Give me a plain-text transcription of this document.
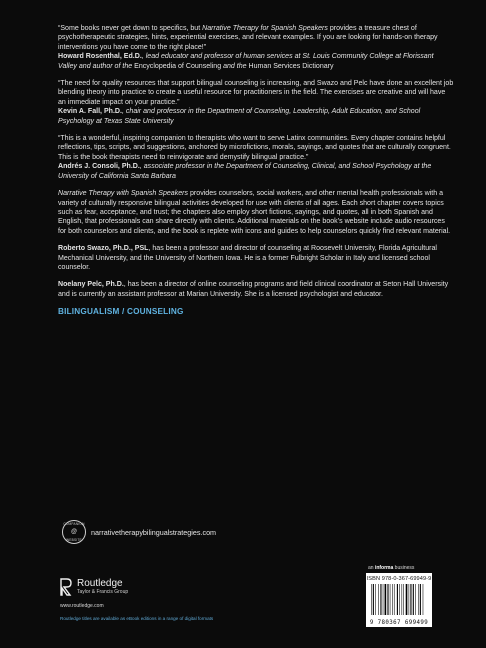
“Some books never get down to specifics, but Narrative Therapy for Spanish Speakers provides a treasure chest of psychotherapeutic strategies, hints, experiential exercises, and relevant examples. If you are looking for hands-on therapy interventions you have come to the right place!”

Howard Rosenthal, Ed.D., lead educator and professor of human services at St. Louis Community College at Florissant Valley and author of the Encyclopedia of Counseling and the Human Services Dictionary

“The need for quality resources that support bilingual counseling is increasing, and Swazo and Pelc have done an excellent job blending theory into practice to create a useful resource for practitioners in the field. The exercises are creative and will have an immediate impact on your practice.”

Kevin A. Fall, Ph.D., chair and professor in the Department of Counseling, Leadership, Adult Education, and School Psychology at Texas State University

“This is a wonderful, inspiring companion to therapists who want to serve Latinx communities. Every chapter contains helpful reflections, tips, scripts, and suggestions, anchored by microfictions, morals, sayings, and quotes that are culturally congruent. This is the book therapists need to reinvigorate and demystify bilingual practice.”

Andrés J. Consoli, Ph.D., associate professor in the Department of Counseling, Clinical, and School Psychology at the University of California Santa Barbara

Narrative Therapy with Spanish Speakers provides counselors, social workers, and other mental health professionals with a variety of culturally responsive bilingual activities developed for use with clients of all ages. Each short chapter covers topics such as fear, acceptance, and trust; the chapters also employ short fictions, sayings, and quotes, all in both Spanish and English, that professionals can share directly with clients. Additional materials on the book’s website include audio resources for both counselors and clients, and the book is replete with icons and guides to help counselors quickly find relevant material.

Roberto Swazo, Ph.D., PSL, has been a professor and director of counseling at Roosevelt University, Florida Agricultural Mechanical University, and the University of Northern Iowa. He is a former Fulbright Scholar in Italy and licensed school counselor.

Noelany Pelc, Ph.D., has been a director of online counseling programs and field clinical coordinator at Seton Hall University and is currently an assistant professor at Marian University. She is a licensed psychologist and educator.

BILINGUALISM / COUNSELING
COMPANION
@
WEBSITE
narrativetherapybilingualstrategies.com
Routledge
Taylor & Francis Group
www.routledge.com
Routledge titles are available as eBook editions in a range of digital formats
an informa business
ISBN 978-0-367-69949-9
9 780367 699499
